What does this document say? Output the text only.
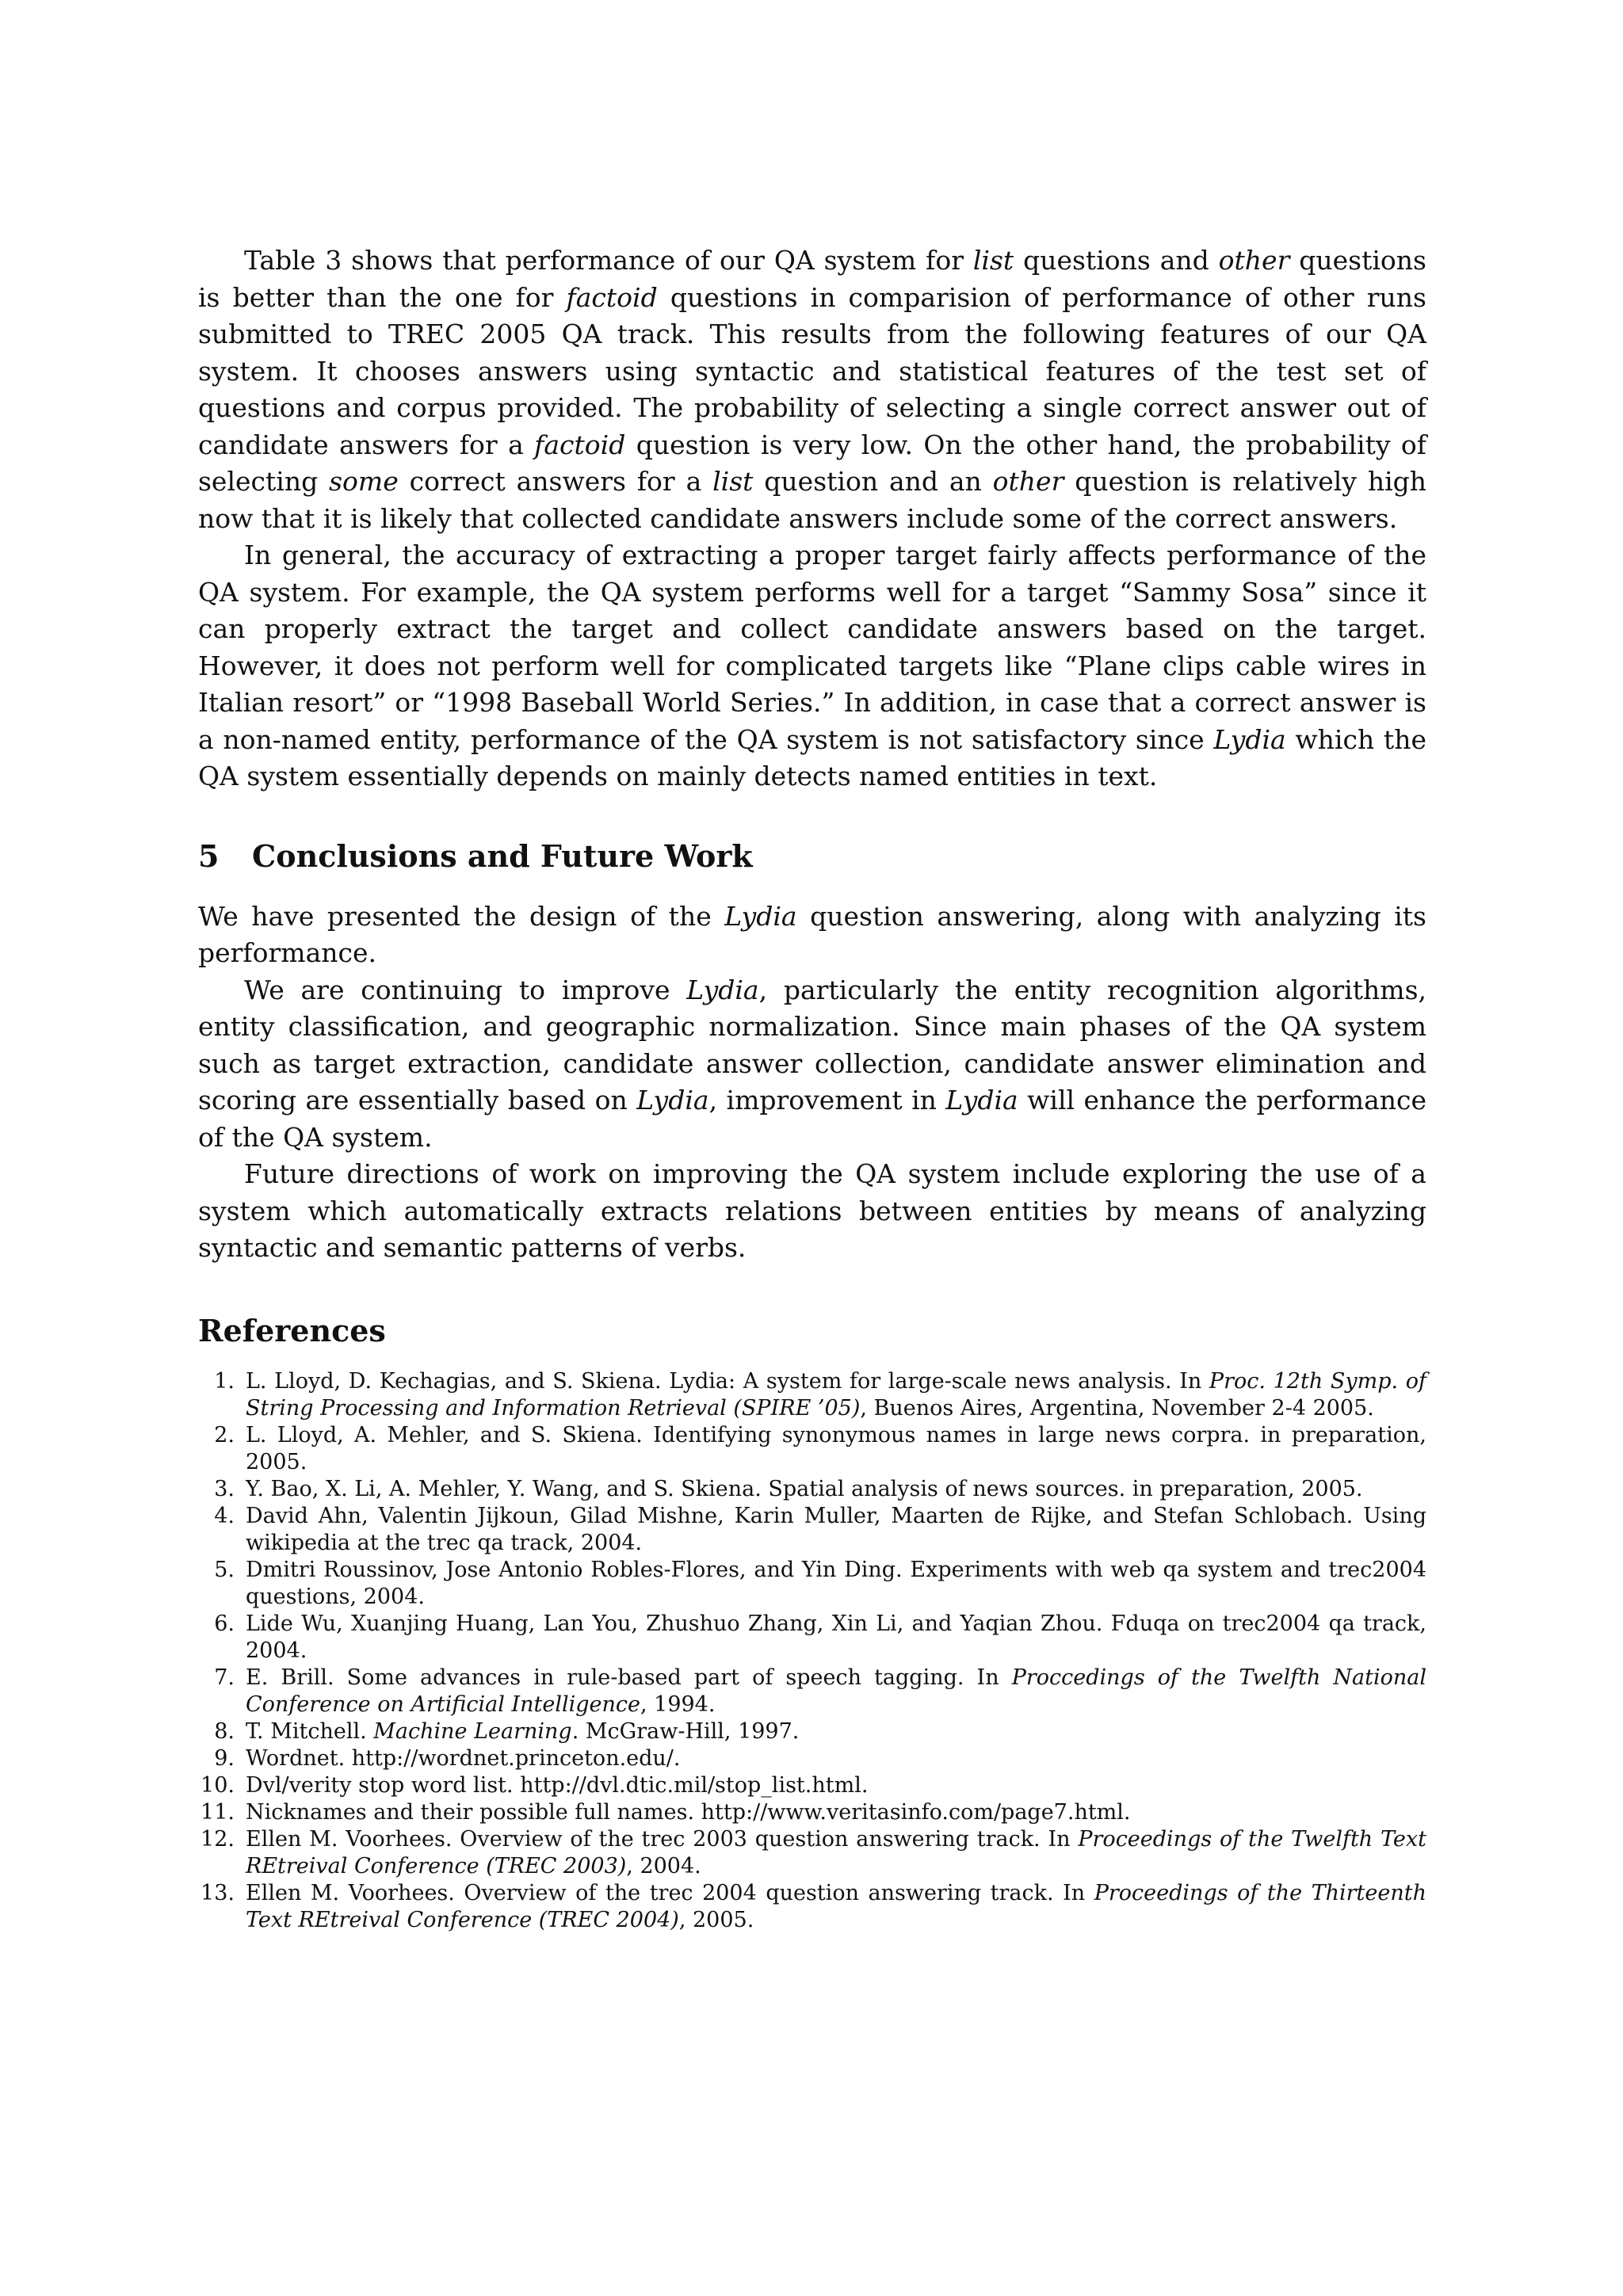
Table 3 shows that performance of our QA system for list questions and other questions is better than the one for factoid questions in comparision of performance of other runs submitted to TREC 2005 QA track. This results from the following features of our QA system. It chooses answers using syntactic and statistical features of the test set of questions and corpus provided. The probability of selecting a single correct answer out of candidate answers for a factoid question is very low. On the other hand, the probability of selecting some correct answers for a list question and an other question is relatively high now that it is likely that collected candidate answers include some of the correct answers.

In general, the accuracy of extracting a proper target fairly affects performance of the QA system. For example, the QA system performs well for a target “Sammy Sosa” since it can properly extract the target and collect candidate answers based on the target. However, it does not perform well for complicated targets like “Plane clips cable wires in Italian resort” or “1998 Baseball World Series.” In addition, in case that a correct answer is a non-named entity, performance of the QA system is not satisfactory since Lydia which the QA system essentially depends on mainly detects named entities in text.

5 Conclusions and Future Work

We have presented the design of the Lydia question answering, along with analyzing its performance.

We are continuing to improve Lydia, particularly the entity recognition algorithms, entity classification, and geographic normalization. Since main phases of the QA system such as target extraction, candidate answer collection, candidate answer elimination and scoring are essentially based on Lydia, improvement in Lydia will enhance the performance of the QA system.

Future directions of work on improving the QA system include exploring the use of a system which automatically extracts relations between entities by means of analyzing syntactic and semantic patterns of verbs.

References
1. L. Lloyd, D. Kechagias, and S. Skiena. Lydia: A system for large-scale news analysis. In Proc. 12th Symp. of String Processing and Information Retrieval (SPIRE ’05), Buenos Aires, Argentina, November 2-4 2005.
2. L. Lloyd, A. Mehler, and S. Skiena. Identifying synonymous names in large news corpra. in preparation, 2005.
3. Y. Bao, X. Li, A. Mehler, Y. Wang, and S. Skiena. Spatial analysis of news sources. in preparation, 2005.
4. David Ahn, Valentin Jijkoun, Gilad Mishne, Karin Muller, Maarten de Rijke, and Stefan Schlobach. Using wikipedia at the trec qa track, 2004.
5. Dmitri Roussinov, Jose Antonio Robles-Flores, and Yin Ding. Experiments with web qa system and trec2004 questions, 2004.
6. Lide Wu, Xuanjing Huang, Lan You, Zhushuo Zhang, Xin Li, and Yaqian Zhou. Fduqa on trec2004 qa track, 2004.
7. E. Brill. Some advances in rule-based part of speech tagging. In Proccedings of the Twelfth National Conference on Artificial Intelligence, 1994.
8. T. Mitchell. Machine Learning. McGraw-Hill, 1997.
9. Wordnet. http://wordnet.princeton.edu/.
10. Dvl/verity stop word list. http://dvl.dtic.mil/stop_list.html.
11. Nicknames and their possible full names. http://www.veritasinfo.com/page7.html.
12. Ellen M. Voorhees. Overview of the trec 2003 question answering track. In Proceedings of the Twelfth Text REtreival Conference (TREC 2003), 2004.
13. Ellen M. Voorhees. Overview of the trec 2004 question answering track. In Proceedings of the Thirteenth Text REtreival Conference (TREC 2004), 2005.
